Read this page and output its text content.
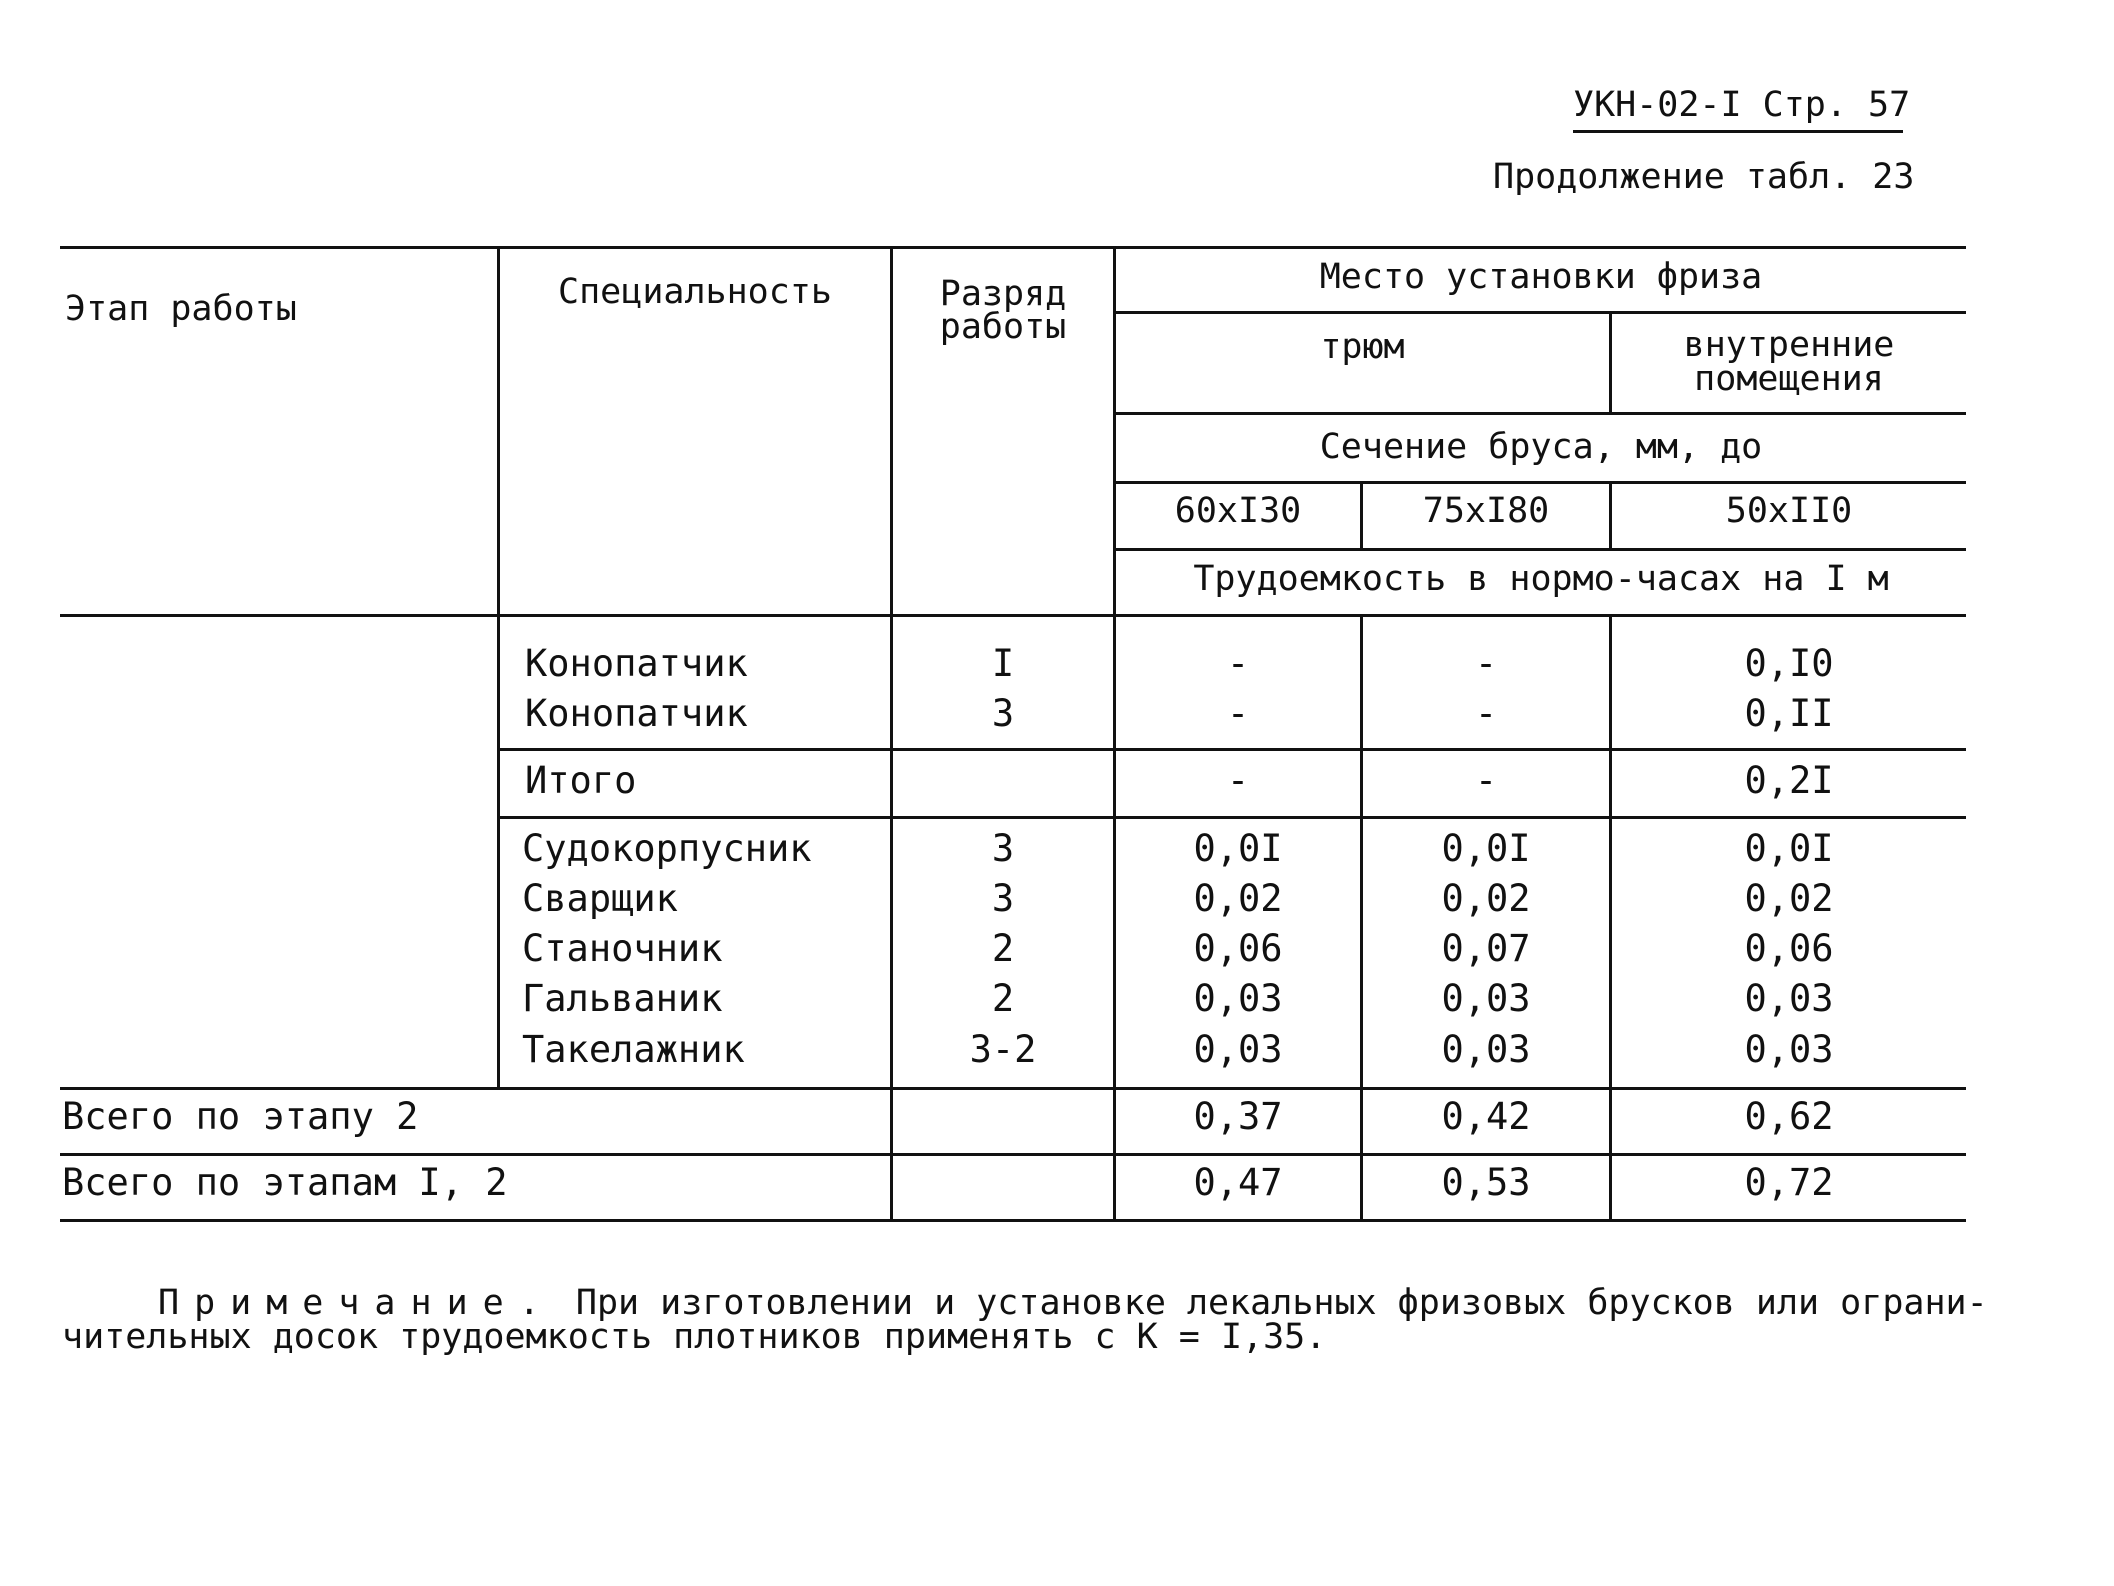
УКН-02-I Стр. 57
Продолжение табл. 23
Этап работы	Специальность	Разряд
работы
Место установки фриза
трюм	внутренние
помещения
Сечение бруса, мм, до
60xI30	75xI80	50xII0
Трудоемкость в нормо-часах на I м
Конопатчик	I	-	-	0,I0
Конопатчик	3	-	-	0,II
Итого	-	-	0,2I
Судокорпусник	3	0,0I	0,0I	0,0I
Сварщик	3	0,02	0,02	0,02
Станочник	2	0,06	0,07	0,06
Гальваник	2	0,03	0,03	0,03
Такелажник	3-2	0,03	0,03	0,03
Всего по этапу 2	0,37	0,42	0,62
Всего по этапам I, 2	0,47	0,53	0,72
Примечание. При изготовлении и установке лекальных фризовых брусков или ограни-
чительных досок трудоемкость плотников применять с К = I,35.
